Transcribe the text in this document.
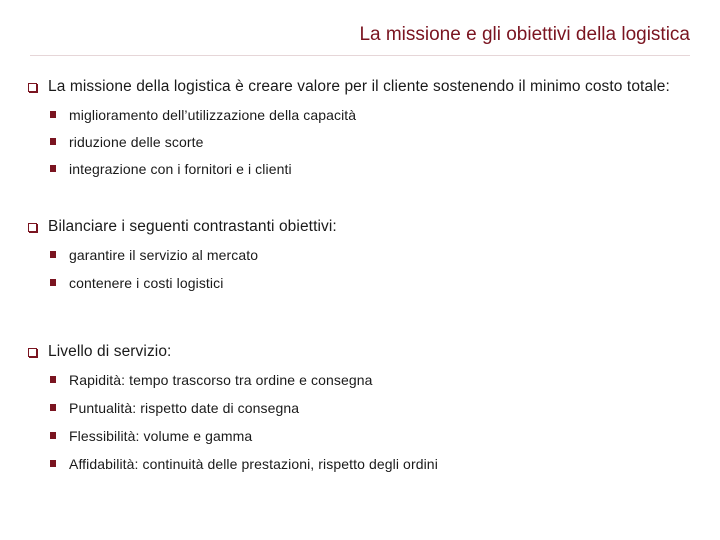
La missione e gli obiettivi della logistica
La missione della logistica è creare valore per il cliente sostenendo il minimo costo totale:
miglioramento dell’utilizzazione della capacità
riduzione delle scorte
integrazione con i fornitori e i clienti
Bilanciare i seguenti contrastanti obiettivi:
garantire il servizio al mercato
contenere i costi logistici
Livello di servizio:
Rapidità: tempo trascorso tra ordine e consegna
Puntualità: rispetto date di consegna
Flessibilità: volume e gamma
Affidabilità: continuità delle prestazioni, rispetto degli ordini
